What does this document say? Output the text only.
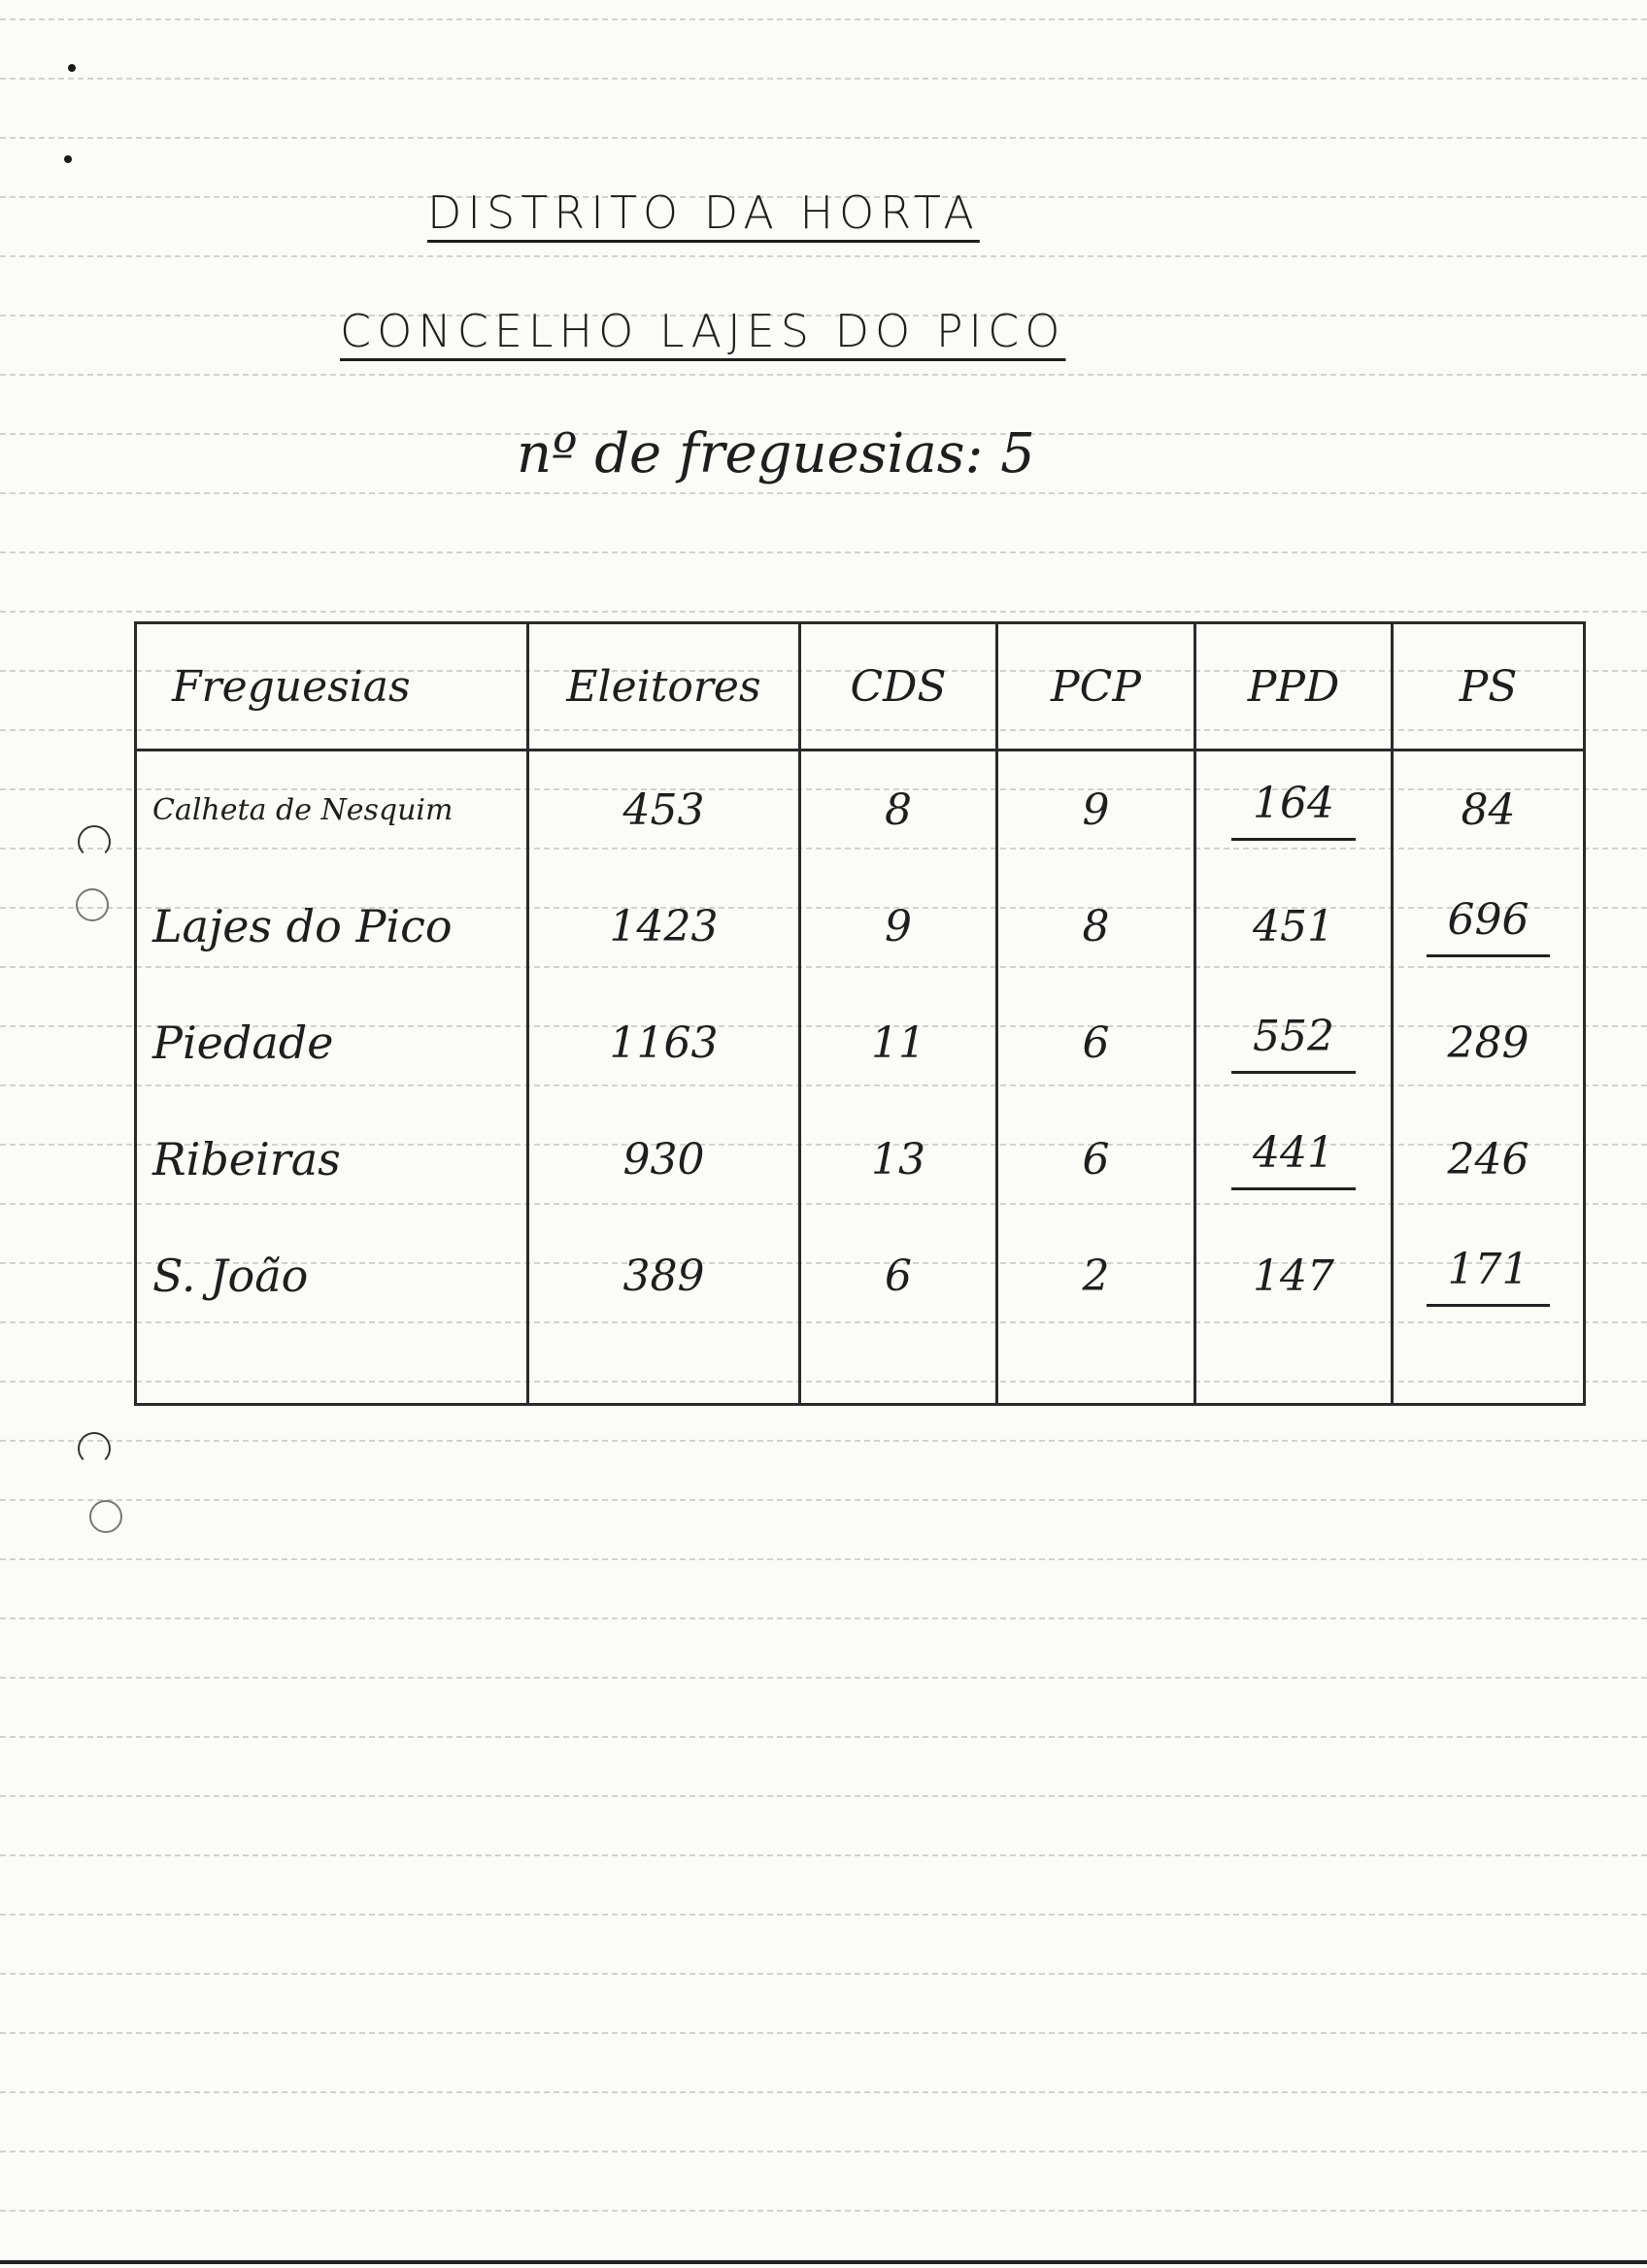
DISTRITO DA HORTA
CONCELHO LAJES DO PICO
nº de freguesias: 5
Freguesias	Eleitores	CDS	PCP	PPD	PS
Calheta de Nesquim	453	8	9	164	84
Lajes do Pico	1423	9	8	451	696
Piedade	1163	11	6	552	289
Ribeiras	930	13	6	441	246
S. João	389	6	2	147	171
